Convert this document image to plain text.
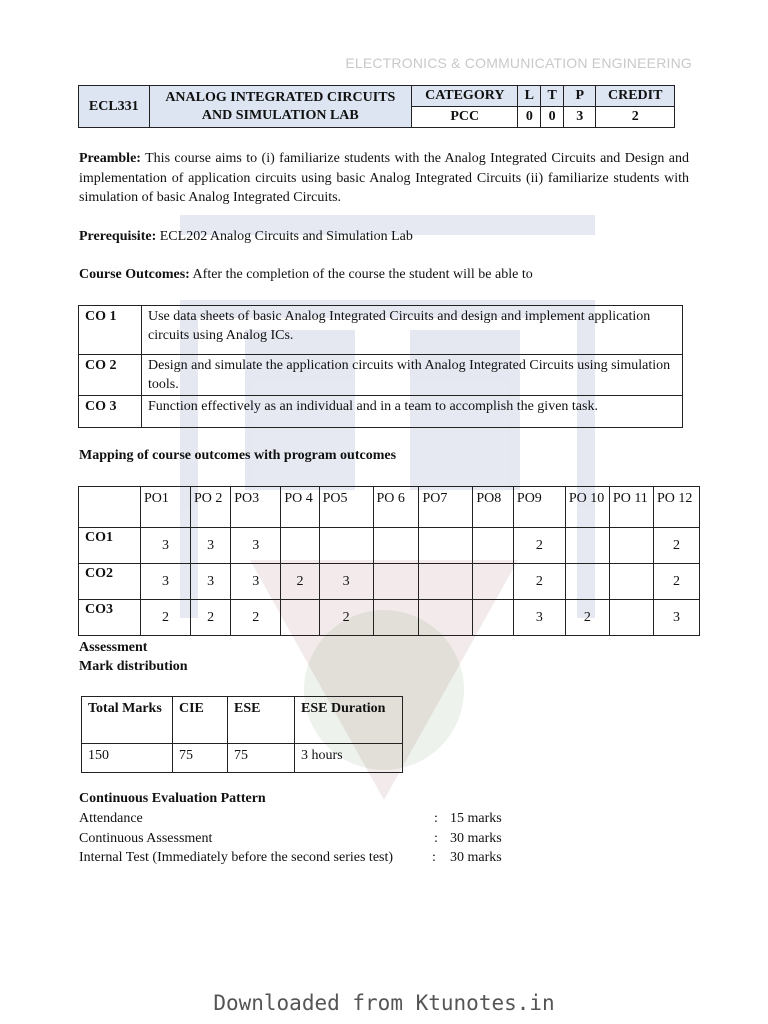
ELECTRONICS & COMMUNICATION ENGINEERING
ECL331	ANALOG INTEGRATED CIRCUITS
AND SIMULATION LAB	CATEGORY	L	T	P	CREDIT
		PCC	0	0	3	2
Preamble: This course aims to (i) familiarize students with the Analog Integrated Circuits and Design and implementation of application circuits using basic Analog Integrated Circuits (ii) familiarize students with simulation of basic Analog Integrated Circuits.
Prerequisite: ECL202 Analog Circuits and Simulation Lab
Course Outcomes: After the completion of the course the student will be able to
CO 1	Use data sheets of basic Analog Integrated Circuits and design and implement application circuits using Analog ICs.
CO 2	Design and simulate the application circuits with Analog Integrated Circuits using simulation tools.
CO 3	Function effectively as an individual and in a team to accomplish the given task.
Mapping of course outcomes with program outcomes
	PO1	PO 2	PO3	PO 4	PO5	PO 6	PO7	PO8	PO9	PO 10	PO 11	PO 12
CO1	3	3	3						2			2
CO2	3	3	3	2	3				2			2
CO3	2	2	2		2				3	2		3
Assessment
Mark distribution
Total Marks	CIE	ESE	ESE Duration
150	75	75	3 hours
Continuous Evaluation Pattern
Attendance	: 15 marks
Continuous Assessment	: 30 marks
Internal Test (Immediately before the second series test)	: 30 marks
Downloaded from Ktunotes.in
